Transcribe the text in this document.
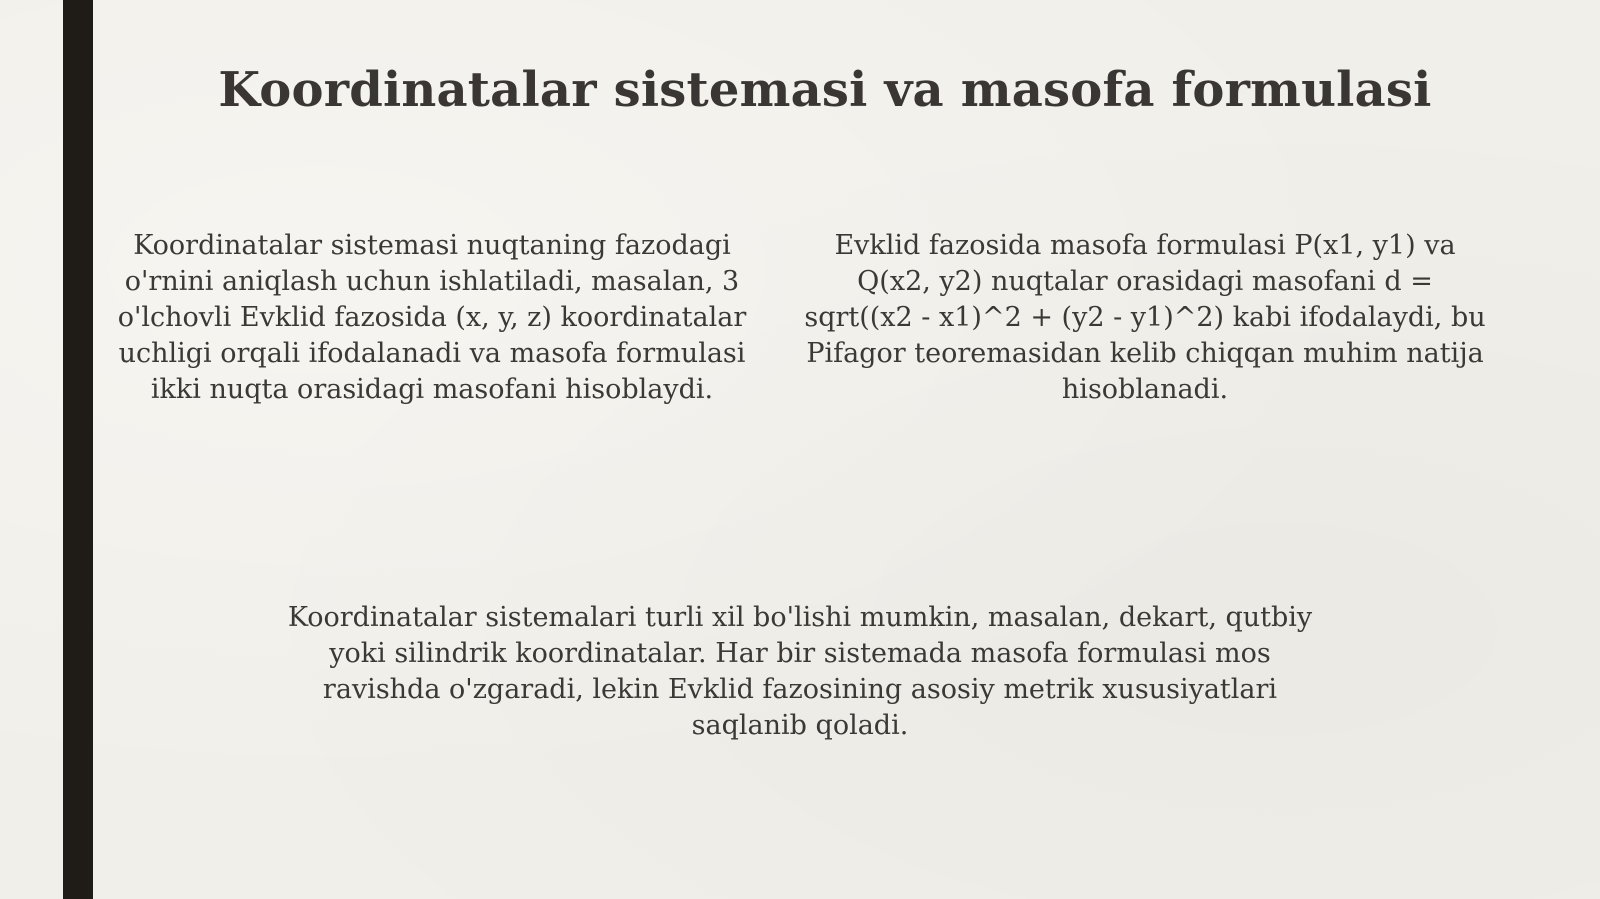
Koordinatalar sistemasi va masofa formulasi

Koordinatalar sistemasi nuqtaning fazodagi o'rnini aniqlash uchun ishlatiladi, masalan, 3 o'lchovli Evklid fazosida (x, y, z) koordinatalar uchligi orqali ifodalanadi va masofa formulasi ikki nuqta orasidagi masofani hisoblaydi.

Evklid fazosida masofa formulasi P(x1, y1) va Q(x2, y2) nuqtalar orasidagi masofani d = sqrt((x2 - x1)^2 + (y2 - y1)^2) kabi ifodalaydi, bu Pifagor teoremasidan kelib chiqqan muhim natija hisoblanadi.

Koordinatalar sistemalari turli xil bo'lishi mumkin, masalan, dekart, qutbiy yoki silindrik koordinatalar. Har bir sistemada masofa formulasi mos ravishda o'zgaradi, lekin Evklid fazosining asosiy metrik xususiyatlari saqlanib qoladi.
